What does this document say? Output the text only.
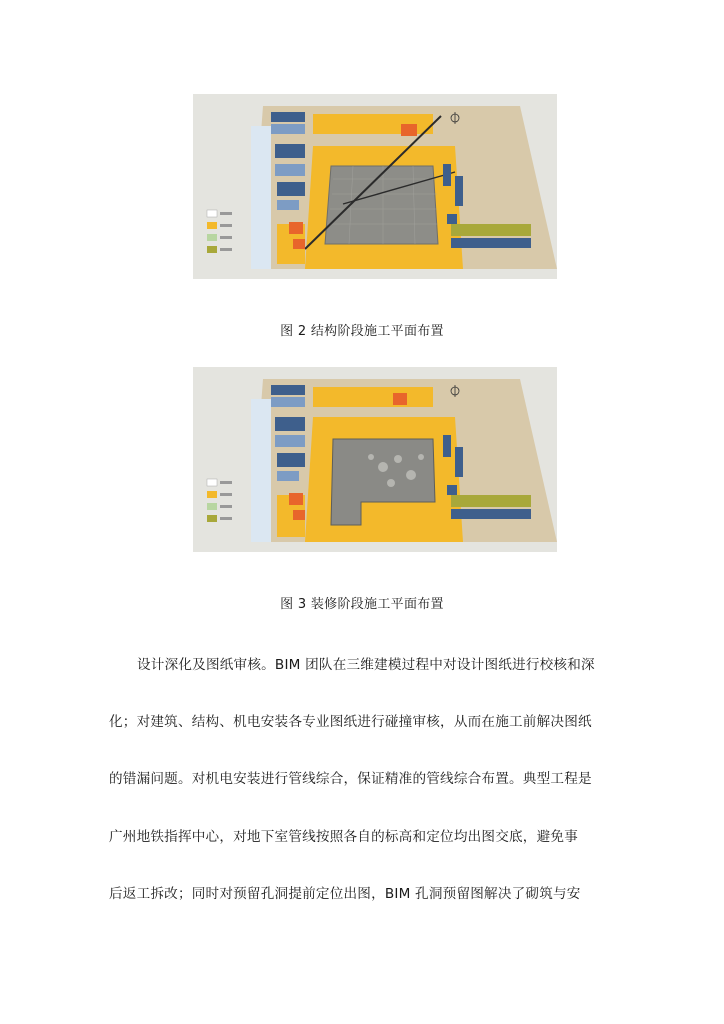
图 2 结构阶段施工平面布置
图 3 装修阶段施工平面布置
设计深化及图纸审核。BIM 团队在三维建模过程中对设计图纸进行校核和深
化；对建筑、结构、机电安装各专业图纸进行碰撞审核，从而在施工前解决图纸
的错漏问题。对机电安装进行管线综合，保证精准的管线综合布置。典型工程是
广州地铁指挥中心，对地下室管线按照各自的标高和定位均出图交底，避免事
后返工拆改；同时对预留孔洞提前定位出图，BIM 孔洞预留图解决了砌筑与安
